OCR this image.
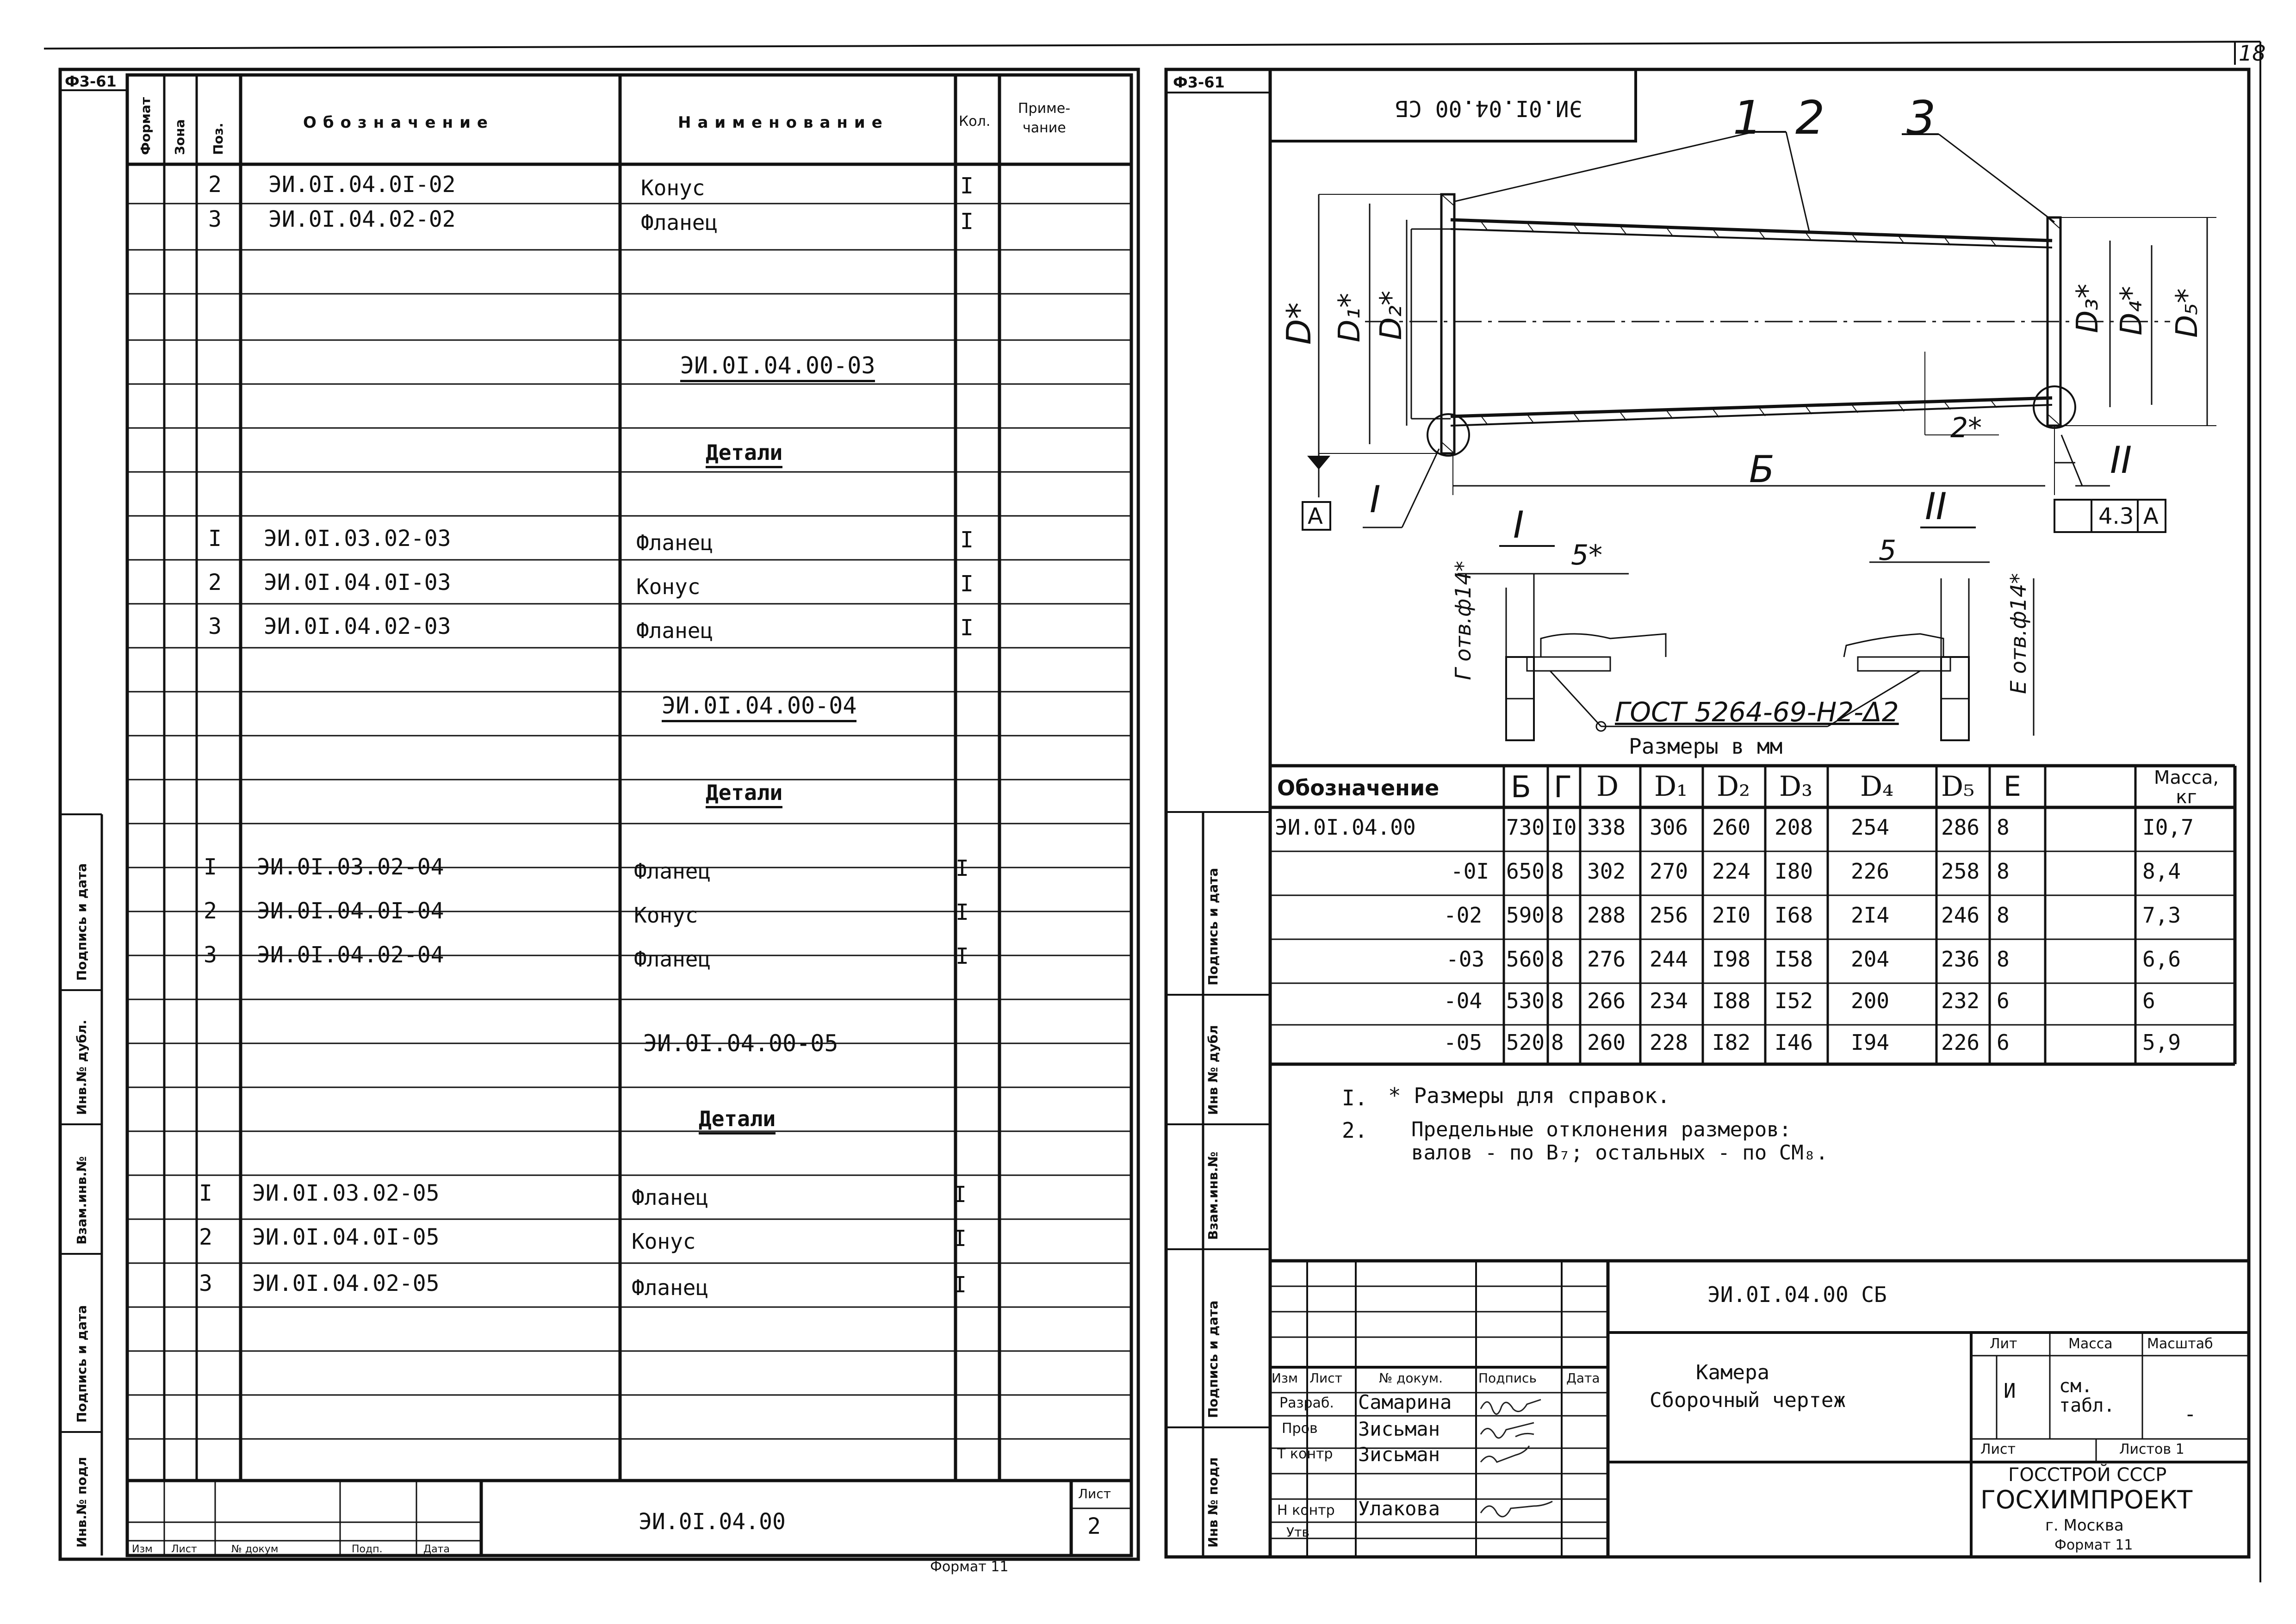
Ф3-61
18
Формат Зона Поз.
Обозначение	Наименование	Кол.
Приме-
чание
2 ЭИ.0I.04.0I-02	Конус	I
3 ЭИ.0I.04.02-02	Фланец	I
ЭИ.0I.04.00-03
Детали
I ЭИ.0I.03.02-03	Фланец	I
2 ЭИ.0I.04.0I-03	Конус	I
3 ЭИ.0I.04.02-03	Фланец	I
ЭИ.0I.04.00-04
Детали
I ЭИ.0I.03.02-04	Фланец	I
2 ЭИ.0I.04.0I-04	Конус	I
3 ЭИ.0I.04.02-04	Фланец	I
ЭИ.0I.04.00-05
Детали
I ЭИ.0I.03.02-05	Фланец	I
2 ЭИ.0I.04.0I-05	Конус	I
3 ЭИ.0I.04.02-05	Фланец	I
Подпись и дата
Инв.№ дубл.
Взам.инв.№
Подпись и дата
Инв.№ подл	ЭИ.0I.04.00
Лист
2
Изм Лист	№ докум	Подп.	Дата
Формат 11
Ф3-61
ЭИ.0I.04.00 СБ	1 2 3
D* D₁* D₂*	D₃* D₄* D₅*
Б
2*
I
II
А	4.3 А
I	II
5*	5
Г отв.ф14*	Е отв.ф14*
ГОСТ 5264-69-Н2-Δ2
Размеры в мм
Обозначение Б Г D D₁ D₂ D₃ D₄ D₅ Е	Масса, кг
ЭИ.0I.04.00	730 I0 338 306 260 208 254 286 8	I0,7
-0I 650 8 302 270 224 I80 226 258 8	8,4
-02 590 8 288 256 2I0 I68 2I4 246 8	7,3
-03 560 8 276 244 I98 I58 204 236 8	6,6
-04 530 8 266 234 I88 I52 200 232 6	6
-05 520 8 260 228 I82 I46 I94 226 6	5,9
I. * Размеры для справок.
2. Предельные отклонения размеров:
валов - по В₇; остальных - по СМ₈.
Подпись и дата
Инв № дубл
Взам.инв.№
Подпись и дата
Инв № подл
ЭИ.0I.04.00 СБ
Камера
Сборочный чертеж
Изм Лист	№ докум.	Подпись Дата
Разраб. Самарина
Пров Зисьман
Т контр Зисьман
Н контр Улакова
Утв
Лит	Масса Масштаб
И см. табл.	-
Лист	Листов 1
ГОССТРОЙ СССР
ГОСХИМПРОЕКТ
г. Москва
Формат 11
